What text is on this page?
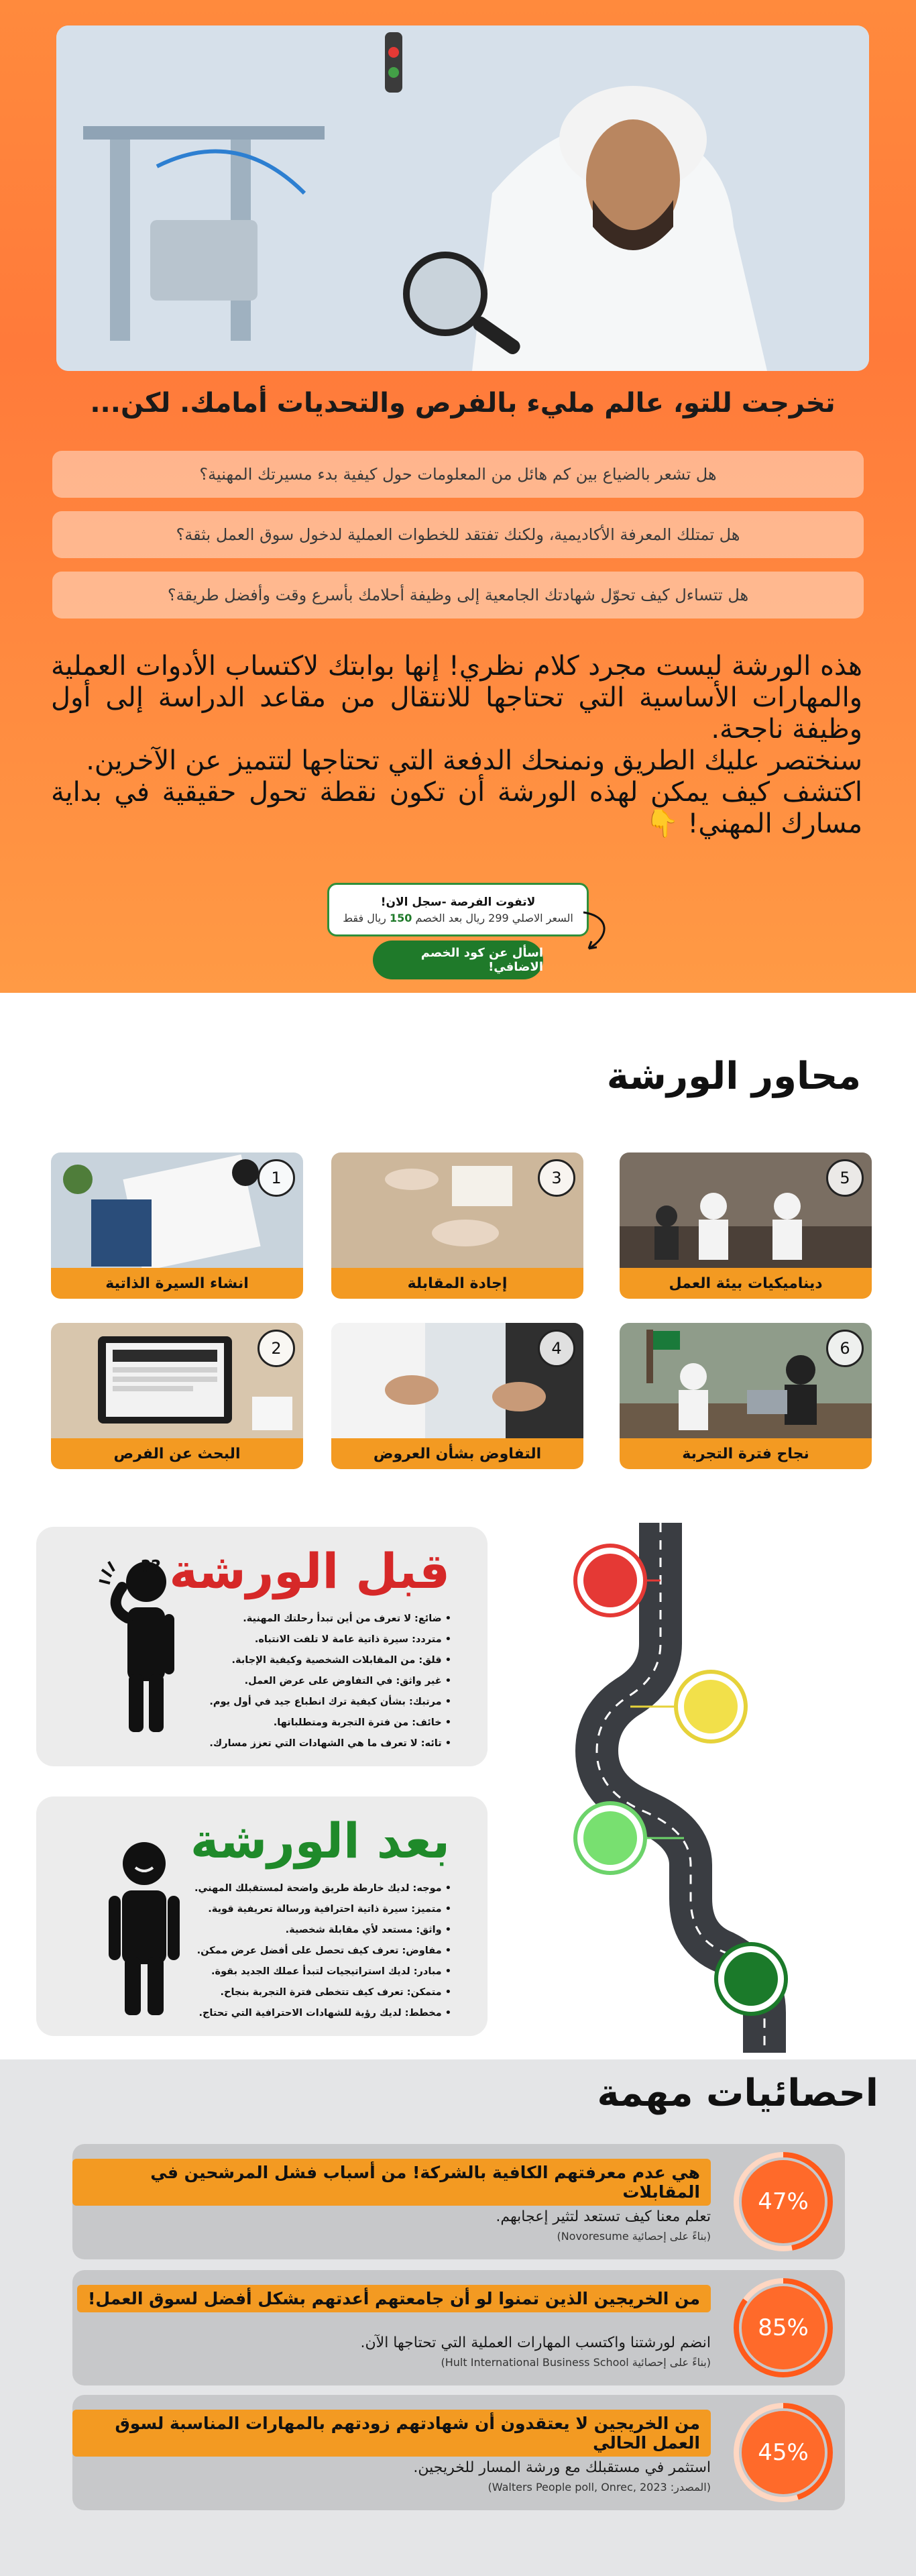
تخرجت للتو، عالم مليء بالفرص والتحديات أمامك. لكن...
هل تشعر بالضياع بين كم هائل من المعلومات حول كيفية بدء مسيرتك المهنية؟
هل تمتلك المعرفة الأكاديمية، ولكنك تفتقد للخطوات العملية لدخول سوق العمل بثقة؟
هل تتساءل كيف تحوّل شهادتك الجامعية إلى وظيفة أحلامك بأسرع وقت وأفضل طريقة؟

هذه الورشة ليست مجرد كلام نظري! إنها بوابتك لاكتساب الأدوات العملية والمهارات الأساسية التي تحتاجها للانتقال من مقاعد الدراسة إلى أول وظيفة ناجحة.

سنختصر عليك الطريق ونمنحك الدفعة التي تحتاجها لتتميز عن الآخرين.

اكتشف كيف يمكن لهذه الورشة أن تكون نقطة تحول حقيقية في بداية مسارك المهني! 👇

لاتفوت الفرصة -سجل الان!
السعر الاصلي 299 ريال بعد الخصم 150 ريال فقط
اسأل عن كود الخصم الاضافي!
محاور الورشة
5
ديناميكيات بيئة العمل
3
إجادة المقابلة
1
انشاء السيرة الذاتية
6
نجاح فترة التجربة
4
التفاوض بشأن العروض
2
البحث عن الفرص
قبل الورشة
• ضائع: لا تعرف من أين تبدأ رحلتك المهنية.
• متردد: سيرة ذاتية عامة لا تلفت الانتباه.
• قلق: من المقابلات الشخصية وكيفية الإجابة.
• غير واثق: في التفاوض على عرض العمل.
• مرتبك: بشأن كيفية ترك انطباع جيد في أول يوم.
• خائف: من فترة التجربة ومتطلباتها.
• تائه: لا تعرف ما هي الشهادات التي تعزز مسارك.
??
بعد الورشة
• موجه: لديك خارطة طريق واضحة لمستقبلك المهني.
• متميز: سيرة ذاتية احترافية ورسالة تعريفية قوية.
• واثق: مستعد لأي مقابلة شخصية.
• مفاوض: تعرف كيف تحصل على أفضل عرض ممكن.
• مبادر: لديك استراتيجيات لتبدأ عملك الجديد بقوة.
• متمكن: تعرف كيف تتخطى فترة التجربة بنجاح.
• مخطط: لديك رؤية للشهادات الاحترافية التي تحتاج.
احصائيات مهمة
47%
هي عدم معرفتهم الكافية بالشركة! من أسباب فشل المرشحين في المقابلات
تعلم معنا كيف تستعد لتثير إعجابهم.
(بناءً على إحصائية Novoresume)
85%
من الخريجين الذين تمنوا لو أن جامعتهم أعدتهم بشكل أفضل لسوق العمل!
انضم لورشتنا واكتسب المهارات العملية التي تحتاجها الآن.
(بناءً على إحصائية Hult International Business School)
45%
من الخريجين لا يعتقدون أن شهادتهم زودتهم بالمهارات المناسبة لسوق العمل الحالي
استثمر في مستقبلك مع ورشة المسار للخريجين.
(المصدر: Walters People poll, Onrec, 2023)
